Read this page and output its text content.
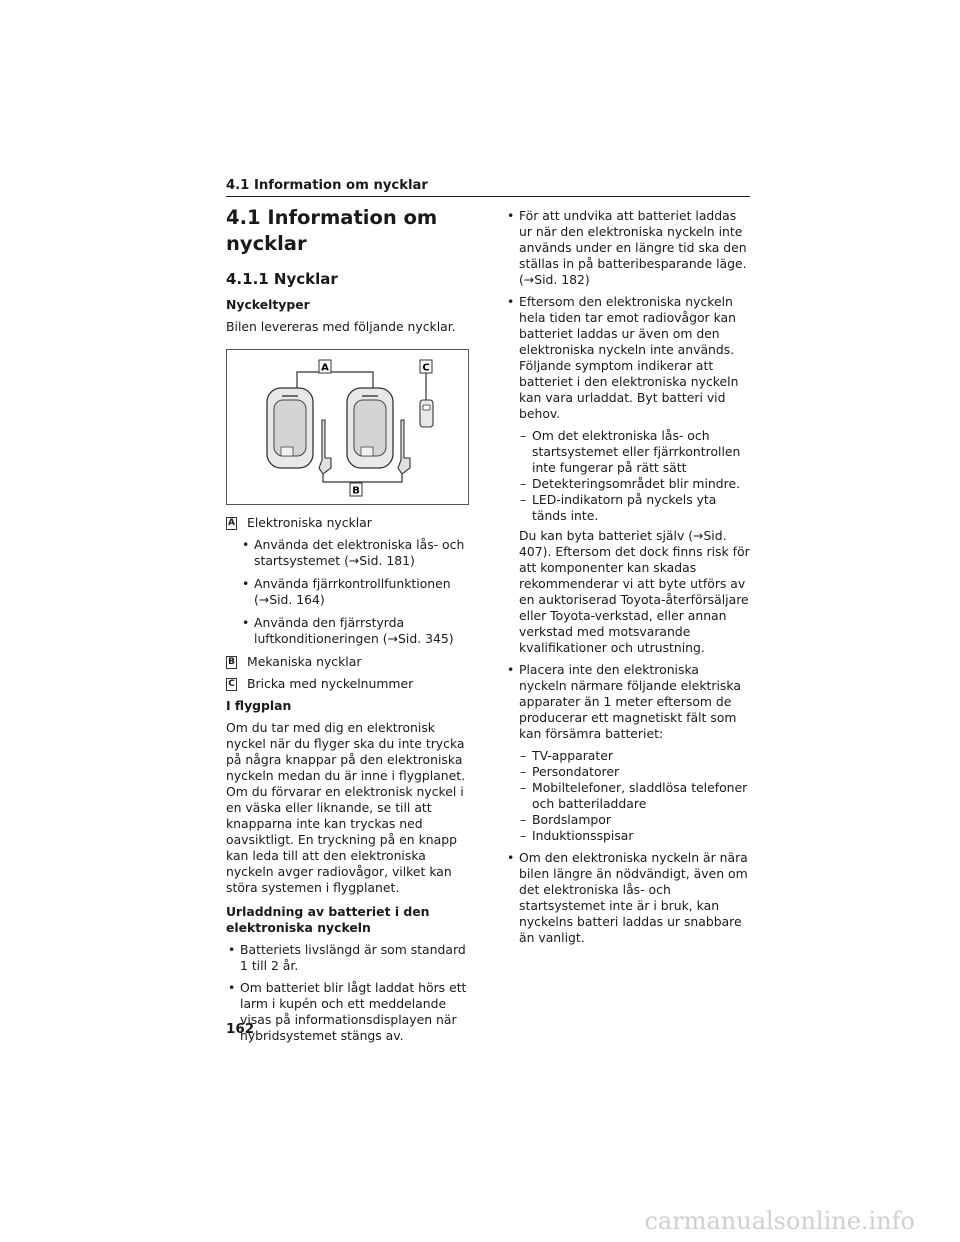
4.1 Information om nycklar
4.1 Information om nycklar
4.1.1 Nycklar
Nyckeltyper

Bilen levereras med följande nycklar.

A	C
B
A Elektroniska nycklar
• Använda det elektroniska lås- och startsystemet (→Sid. 181)
• Använda fjärrkontrollfunktionen (→Sid. 164)
• Använda den fjärrstyrda luftkonditioneringen (→Sid. 345)
B Mekaniska nycklar
C Bricka med nyckelnummer
I flygplan

Om du tar med dig en elektronisk nyckel när du flyger ska du inte trycka på några knappar på den elektroniska nyckeln medan du är inne i flygplanet. Om du förvarar en elektronisk nyckel i en väska eller liknande, se till att knapparna inte kan tryckas ned oavsiktligt. En tryckning på en knapp kan leda till att den elektroniska nyckeln avger radiovågor, vilket kan störa systemen i flygplanet.

Urladdning av batteriet i den elektroniska nyckeln
• Batteriets livslängd är som standard 1 till 2 år.
• Om batteriet blir lågt laddat hörs ett larm i kupén och ett meddelande visas på informationsdisplayen när hybridsystemet stängs av.
• För att undvika att batteriet laddas ur när den elektroniska nyckeln inte används under en längre tid ska den ställas in på batteribesparande läge. (→Sid. 182)
• Eftersom den elektroniska nyckeln hela tiden tar emot radiovågor kan batteriet laddas ur även om den elektroniska nyckeln inte används. Följande symptom indikerar att batteriet i den elektroniska nyckeln kan vara urladdat. Byt batteri vid behov.
– Om det elektroniska lås- och startsystemet eller fjärrkontrollen inte fungerar på rätt sätt
– Detekteringsområdet blir mindre.
– LED-indikatorn på nyckels yta tänds inte.
Du kan byta batteriet själv (→Sid. 407). Eftersom det dock finns risk för att komponenter kan skadas rekommenderar vi att byte utförs av en auktoriserad Toyota-återförsäljare eller Toyota-verkstad, eller annan verkstad med motsvarande kvalifikationer och utrustning.
• Placera inte den elektroniska nyckeln närmare följande elektriska apparater än 1 meter eftersom de producerar ett magnetiskt fält som kan försämra batteriet:
– TV-apparater
– Persondatorer
– Mobiltelefoner, sladdlösa telefoner och batteriladdare
– Bordslampor
– Induktionsspisar
• Om den elektroniska nyckeln är nära bilen längre än nödvändigt, även om det elektroniska lås- och startsystemet inte är i bruk, kan nyckelns batteri laddas ur snabbare än vanligt.
162
carmanualsonline.info
